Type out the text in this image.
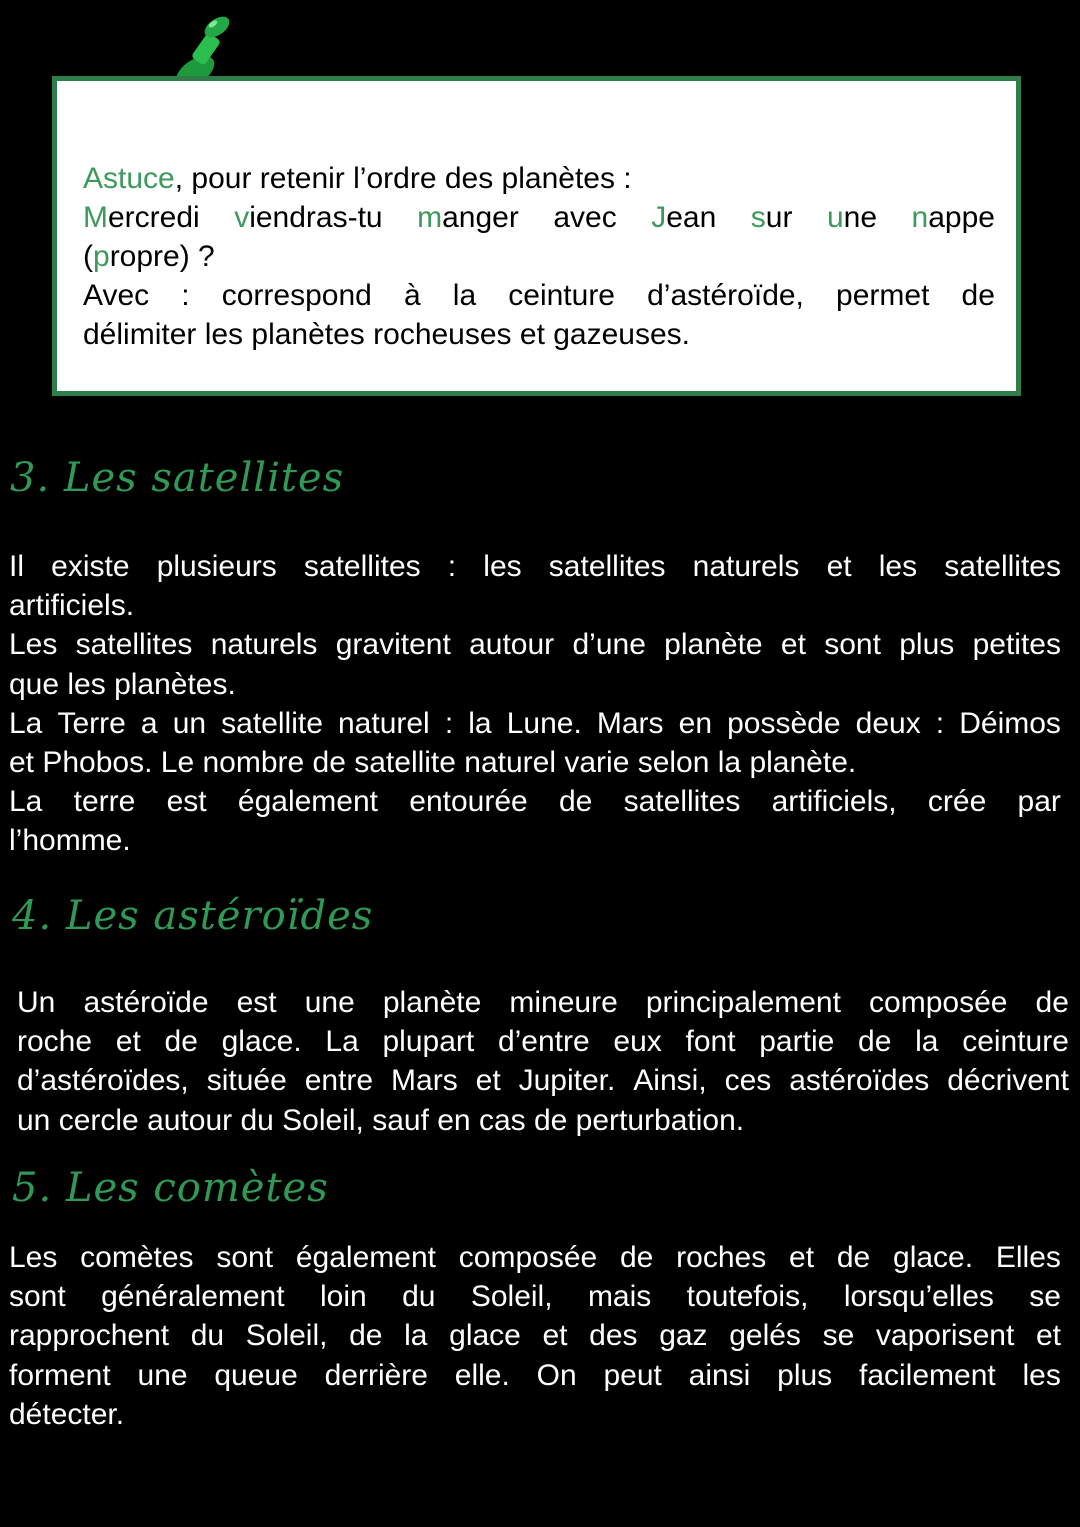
Astuce, pour retenir l’ordre des planètes :
Mercredi viendras-tu manger avec Jean sur une nappe
(propre) ?
Avec : correspond à la ceinture d’astéroïde, permet de
délimiter les planètes rocheuses et gazeuses.
3. Les satellites
Il existe plusieurs satellites : les satellites naturels et les satellites
artificiels.
Les satellites naturels gravitent autour d’une planète et sont plus petites
que les planètes.
La Terre a un satellite naturel : la Lune. Mars en possède deux : Déimos
et Phobos. Le nombre de satellite naturel varie selon la planète.
La terre est également entourée de satellites artificiels, crée par
l’homme.
4. Les astéroïdes
Un astéroïde est une planète mineure principalement composée de
roche et de glace. La plupart d’entre eux font partie de la ceinture
d’astéroïdes, située entre Mars et Jupiter. Ainsi, ces astéroïdes décrivent
un cercle autour du Soleil, sauf en cas de perturbation.
5. Les comètes
Les comètes sont également composée de roches et de glace. Elles
sont généralement loin du Soleil, mais toutefois, lorsqu’elles se
rapprochent du Soleil, de la glace et des gaz gelés se vaporisent et
forment une queue derrière elle. On peut ainsi plus facilement les
détecter.
